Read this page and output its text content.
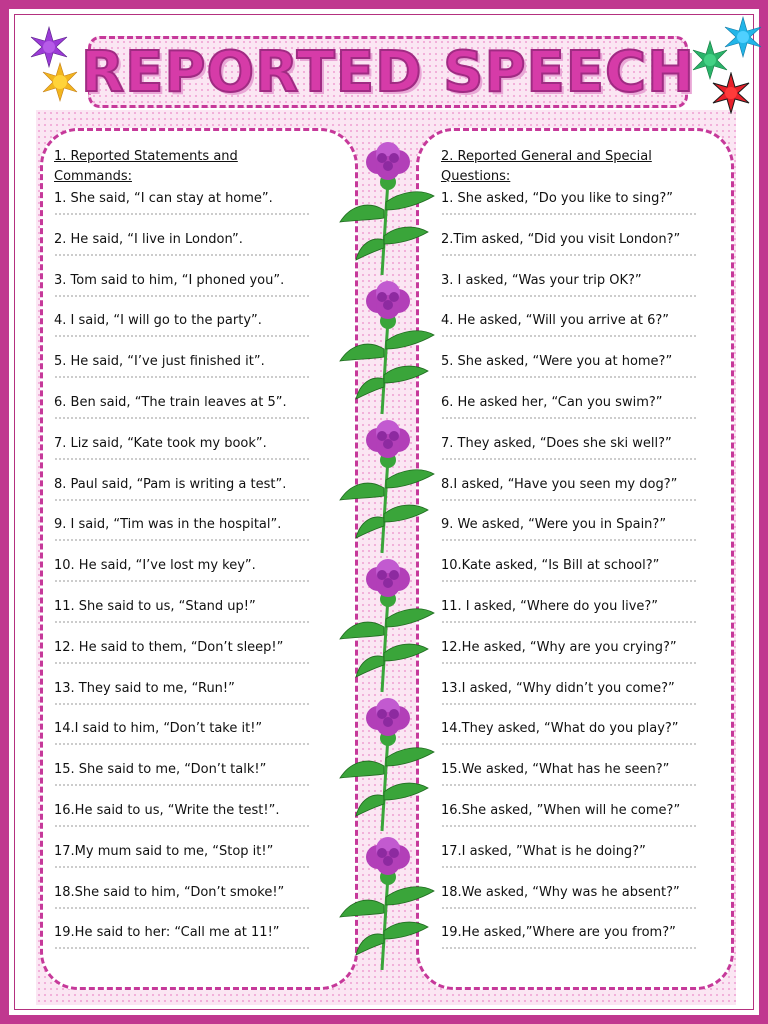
REPORTED SPEECH
1. Reported Statements and
Commands:
1. She said, “I can stay at home”.
2. He said, “I live in London”.
3. Tom said to him, “I phoned you”.
4. I said, “I will go to the party”.
5. He said, “I’ve just finished it”.
6. Ben said, “The train leaves at 5”.
7. Liz said, “Kate took my book”.
8. Paul said, “Pam is writing a test”.
9. I said, “Tim was in the hospital”.
10. He said, “I’ve lost my key”.
11. She said to us, “Stand up!”
12. He said to them, “Don’t sleep!”
13. They said to me, “Run!”
14.I said to him, “Don’t take it!”
15. She said to me, “Don’t talk!”
16.He said to us, “Write the test!”.
17.My mum said to me, “Stop it!”
18.She said to him, “Don’t smoke!”
19.He said to her: “Call me at 11!”
2. Reported General and Special
Questions:
1. She asked, “Do you like to sing?”
2.Tim asked, “Did you visit London?”
3. I asked, “Was your trip OK?”
4. He asked, “Will you arrive at 6?”
5. She asked, “Were you at home?”
6. He asked her, “Can you swim?”
7. They asked, “Does she ski well?”
8.I asked, “Have you seen my dog?”
9. We asked, “Were you in Spain?”
10.Kate asked, “Is Bill at school?”
11. I asked, “Where do you live?”
12.He asked, “Why are you crying?”
13.I asked, “Why didn’t you come?”
14.They asked, “What do you play?”
15.We asked, “What has he seen?”
16.She asked, ”When will he come?”
17.I asked, ”What is he doing?”
18.We asked, “Why was he absent?”
19.He asked,”Where are you from?”
